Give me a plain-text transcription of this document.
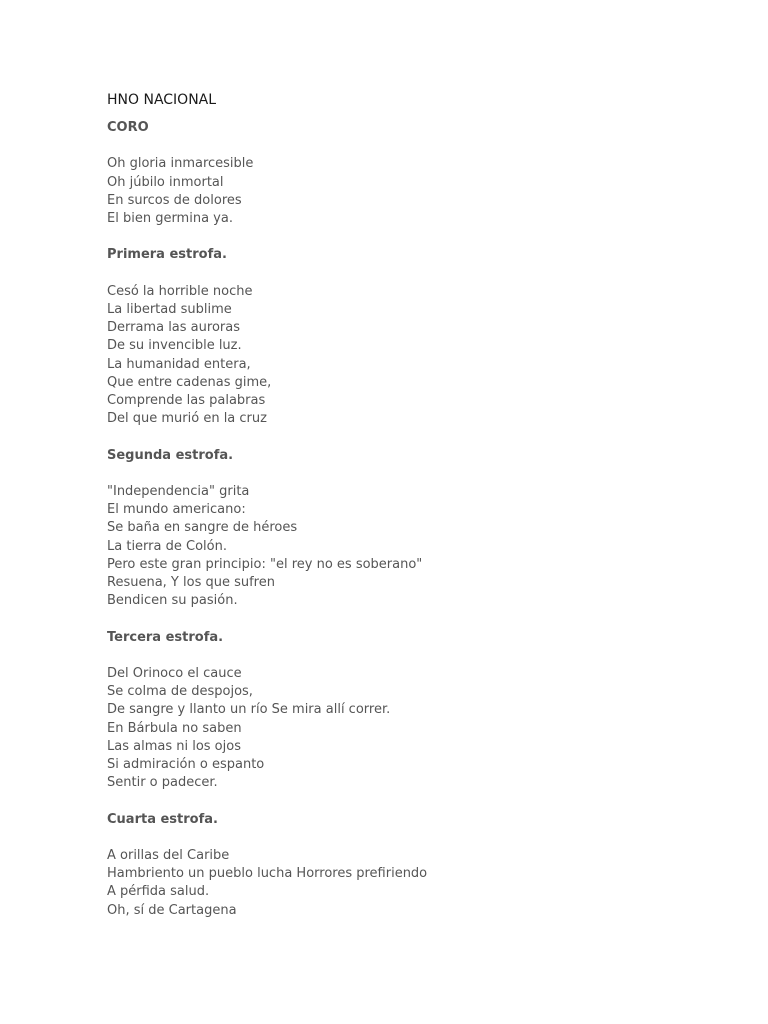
HNO NACIONAL
CORO
Oh gloria inmarcesible
Oh júbilo inmortal
En surcos de dolores
El bien germina ya.
Primera estrofa.
Cesó la horrible noche
La libertad sublime
Derrama las auroras
De su invencible luz.
La humanidad entera,
Que entre cadenas gime,
Comprende las palabras
Del que murió en la cruz
Segunda estrofa.
"Independencia" grita
El mundo americano:
Se baña en sangre de héroes
La tierra de Colón.
Pero este gran principio: "el rey no es soberano"
Resuena, Y los que sufren
Bendicen su pasión.
Tercera estrofa.
Del Orinoco el cauce
Se colma de despojos,
De sangre y llanto un río Se mira allí correr.
En Bárbula no saben
Las almas ni los ojos
Si admiración o espanto
Sentir o padecer.
Cuarta estrofa.
A orillas del Caribe
Hambriento un pueblo lucha Horrores prefiriendo
A pérfida salud.
Oh, sí de Cartagena
